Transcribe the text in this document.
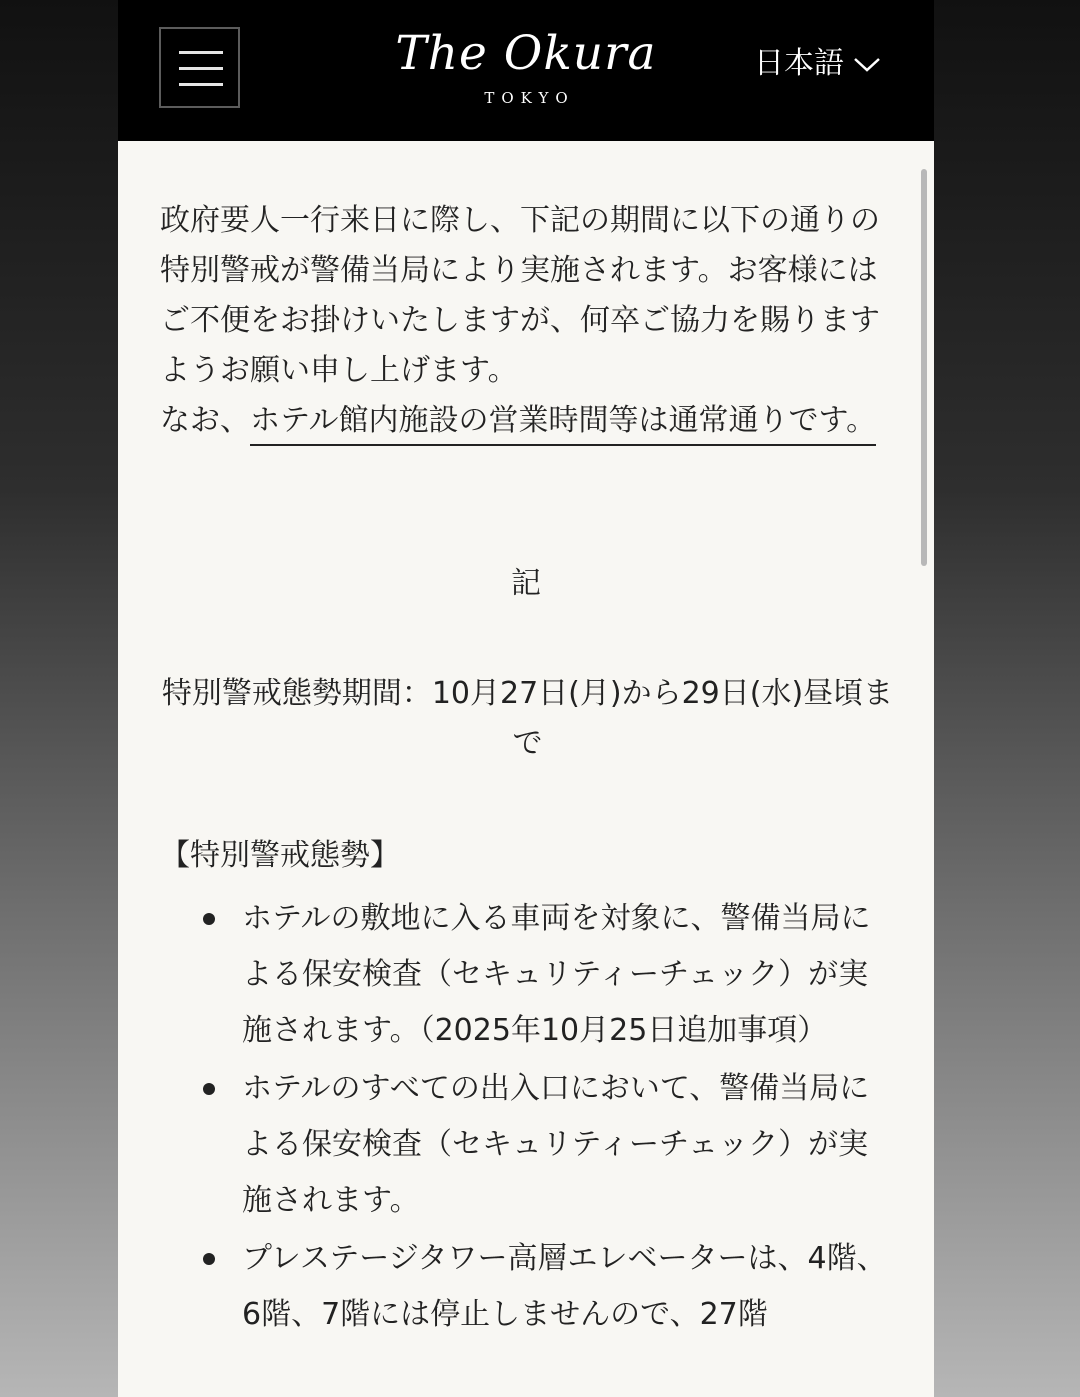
The Okura
TOKYO
日本語

政府要人一行来日に際し、下記の期間に以下の通りの特別警戒が警備当局により実施されます。お客様にはご不便をお掛けいたしますが、何卒ご協力を賜りますようお願い申し上げます。

なお、ホテル館内施設の営業時間等は通常通りです。

記
特別警戒態勢期間：10月27日(月)から29日(水)昼頃まで
【特別警戒態勢】
ホテルの敷地に入る車両を対象に、警備当局による保安検査（セキュリティーチェック）が実施されます。（2025年10月25日追加事項）
ホテルのすべての出入口において、警備当局による保安検査（セキュリティーチェック）が実施されます。
プレステージタワー高層エレベーターは、4階、6階、7階には停止しませんので、27階
